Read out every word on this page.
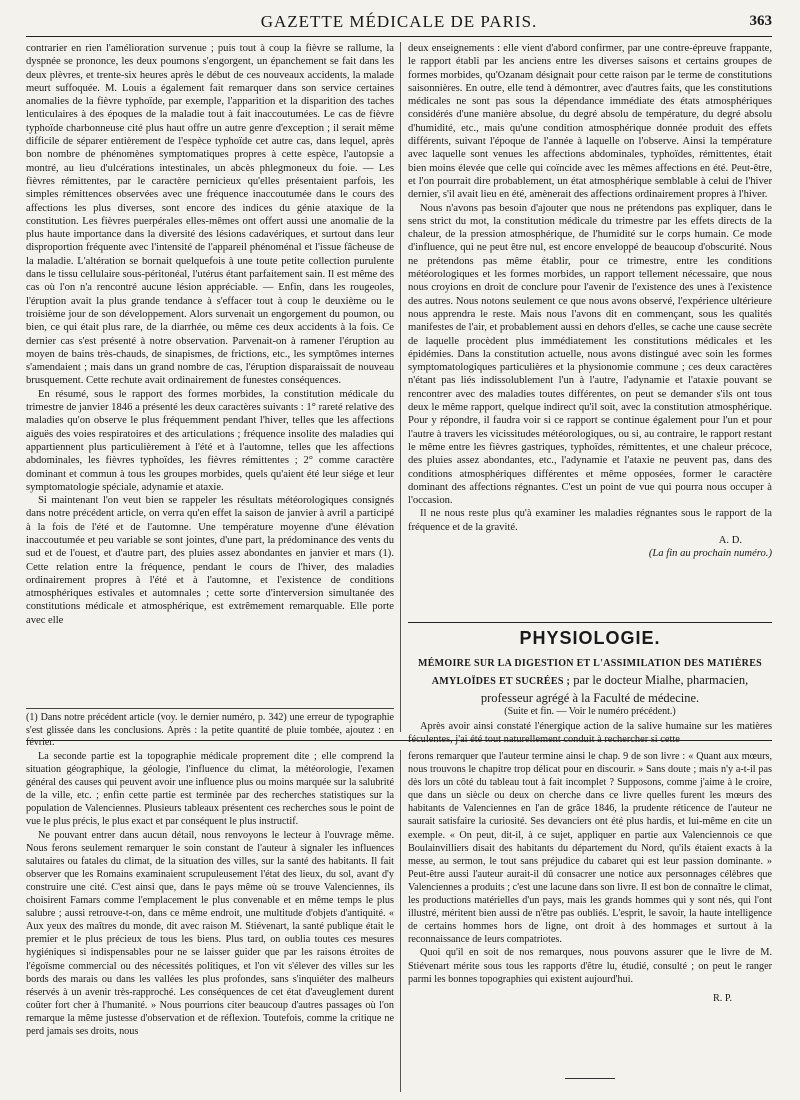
GAZETTE MÉDICALE DE PARIS.	363

contrarier en rien l'amélioration survenue ; puis tout à coup la fièvre se rallume, la dyspnée se prononce, les deux poumons s'engorgent, un épanchement se fait dans les deux plèvres, et trente-six heures après le début de ces nouveaux accidents, la malade meurt suffoquée. M. Louis a également fait remarquer dans son service certaines anomalies de la fièvre typhoïde, par exemple, l'apparition et la disparition des taches lenticulaires à des époques de la maladie tout à fait inaccoutumées. Le cas de fièvre typhoïde charbonneuse cité plus haut offre un autre genre d'exception ; il serait même difficile de séparer entièrement de l'espèce typhoïde cet autre cas, dans lequel, après bon nombre de phénomènes symptomatiques propres à cette espèce, l'autopsie a montré, au lieu d'ulcérations intestinales, un abcès phlegmoneux du foie. — Les fièvres rémittentes, par le caractère pernicieux qu'elles présentaient parfois, les simples rémittences observées avec une fréquence inaccoutumée dans le cours des affections les plus diverses, sont encore des indices du génie ataxique de la constitution. Les fièvres puerpérales elles-mêmes ont offert aussi une anomalie de la plus haute importance dans la diversité des lésions cadavériques, et surtout dans leur disproportion fréquente avec l'intensité de l'appareil phénoménal et l'issue fâcheuse de la maladie. L'altération se bornait quelquefois à une toute petite collection purulente dans le tissu cellulaire sous-péritonéal, l'utérus étant parfaitement sain. Il est même des cas où l'on n'a rencontré aucune lésion appréciable. — Enfin, dans les rougeoles, l'éruption avait la plus grande tendance à s'effacer tout à coup le deuxième ou le troisième jour de son développement. Alors survenait un engorgement du poumon, ou bien, ce qui était plus rare, de la diarrhée, ou même ces deux accidents à la fois. Ce dernier cas s'est présenté à notre observation. Parvenait-on à ramener l'éruption au moyen de bains très-chauds, de sinapismes, de frictions, etc., les symptômes internes s'amendaient ; mais dans un grand nombre de cas, l'éruption disparaissait de nouveau brusquement. Cette rechute avait ordinairement de funestes conséquences.

En résumé, sous le rapport des formes morbides, la constitution médicale du trimestre de janvier 1846 a présenté les deux caractères suivants : 1° rareté relative des maladies qu'on observe le plus fréquemment pendant l'hiver, telles que les affections aiguës des voies respiratoires et des articulations ; fréquence insolite des maladies qui appartiennent plus particulièrement à l'été et à l'automne, telles que les affections abdominales, les fièvres typhoïdes, les fièvres rémittentes ; 2° comme caractère dominant et commun à tous les groupes morbides, quels qu'aient été leur siége et leur symptomatologie spéciale, adynamie et ataxie.

Si maintenant l'on veut bien se rappeler les résultats météorologiques consignés dans notre précédent article, on verra qu'en effet la saison de janvier à avril a participé à la fois de l'été et de l'automne. Une température moyenne d'une élévation inaccoutumée et peu variable se sont jointes, d'une part, la prédominance des vents du sud et de l'ouest, et d'autre part, des pluies assez abondantes en janvier et mars (1). Cette relation entre la fréquence, pendant le cours de l'hiver, des maladies ordinairement propres à l'été et à l'automne, et l'existence de conditions atmosphériques estivales et automnales ; cette sorte d'interversion simultanée des constitutions médicale et atmosphérique, est extrêmement remarquable. Elle porte avec elle

(1) Dans notre précédent article (voy. le dernier numéro, p. 342) une erreur de typographie s'est glissée dans les conclusions. Après : la petite quantité de pluie tombée, ajoutez : en février.

deux enseignements : elle vient d'abord confirmer, par une contre-épreuve frappante, le rapport établi par les anciens entre les diverses saisons et certains groupes de formes morbides, qu'Ozanam désignait pour cette raison par le terme de constitutions saisonnières. En outre, elle tend à démontrer, avec d'autres faits, que les constitutions médicales ne sont pas sous la dépendance immédiate des états atmosphériques considérés d'une manière absolue, du degré absolu de température, du degré absolu d'humidité, etc., mais qu'une condition atmosphérique donnée produit des effets différents, suivant l'époque de l'année à laquelle on l'observe. Ainsi la température avec laquelle sont venues les affections abdominales, typhoïdes, rémittentes, était bien moins élevée que celle qui coïncide avec les mêmes affections en été. Peut-être, et l'on pourrait dire probablement, un état atmosphérique semblable à celui de l'hiver dernier, s'il avait lieu en été, amènerait des affections ordinairement propres à l'hiver.

Nous n'avons pas besoin d'ajouter que nous ne prétendons pas expliquer, dans le sens strict du mot, la constitution médicale du trimestre par les effets directs de la chaleur, de la pression atmosphérique, de l'humidité sur le corps humain. Ce mode d'influence, qui ne peut être nul, est encore enveloppé de beaucoup d'obscurité. Nous ne prétendons pas même établir, pour ce trimestre, entre les conditions météorologiques et les formes morbides, un rapport tellement nécessaire, que nous nous croyions en droit de conclure pour l'avenir de l'existence des unes à l'existence des autres. Nous notons seulement ce que nous avons observé, l'expérience ultérieure nous apprendra le reste. Mais nous l'avons dit en commençant, sous les qualités manifestes de l'air, et probablement aussi en dehors d'elles, se cache une cause secrète de laquelle procèdent plus immédiatement les constitutions médicales et les épidémies. Dans la constitution actuelle, nous avons distingué avec soin les formes symptomatologiques particulières et la physionomie commune ; ces deux caractères n'étant pas liés indissolublement l'un à l'autre, l'adynamie et l'ataxie pouvant se rencontrer avec des maladies toutes différentes, on peut se demander s'ils ont tous deux le même rapport, quelque indirect qu'il soit, avec la constitution atmosphérique. Pour y répondre, il faudra voir si ce rapport se continue également pour l'un et pour l'autre à travers les vicissitudes météorologiques, ou si, au contraire, le rapport restant le même entre les fièvres gastriques, typhoïdes, rémittentes, et une chaleur précoce, des pluies assez abondantes, etc., l'adynamie et l'ataxie ne peuvent pas, dans des conditions atmosphériques différentes et même opposées, former le caractère dominant des affections régnantes. C'est un point de vue qui pourra nous occuper à l'occasion.

Il ne nous reste plus qu'à examiner les maladies régnantes sous le rapport de la fréquence et de la gravité.

A. D.
(La fin au prochain numéro.)
PHYSIOLOGIE.
MÉMOIRE SUR LA DIGESTION ET L'ASSIMILATION DES MATIÈRES AMYLOÏDES ET SUCRÉES ; par le docteur Mialhe, pharmacien, professeur agrégé à la Faculté de médecine.
(Suite et fin. — Voir le numéro précédent.)

Après avoir ainsi constaté l'énergique action de la salive humaine sur les matières féculentes, j'ai été tout naturellement conduit à rechercher si cette

La seconde partie est la topographie médicale proprement dite ; elle comprend la situation géographique, la géologie, l'influence du climat, la météorologie, l'examen général des causes qui peuvent avoir une influence plus ou moins marquée sur la salubrité de la ville, etc. ; enfin cette partie est terminée par des recherches statistiques sur la population de Valenciennes. Plusieurs tableaux présentent ces recherches sous le point de vue le plus précis, le plus exact et par conséquent le plus instructif.

Ne pouvant entrer dans aucun détail, nous renvoyons le lecteur à l'ouvrage même. Nous ferons seulement remarquer le soin constant de l'auteur à signaler les influences salutaires ou fatales du climat, de la situation des villes, sur la santé des habitants. Il fait observer que les Romains examinaient scrupuleusement l'état des lieux, du sol, avant d'y construire une cité. C'est ainsi que, dans le pays même où se trouve Valenciennes, ils choisirent Famars comme l'emplacement le plus convenable et en même temps le plus salubre ; aussi retrouve-t-on, dans ce même endroit, une multitude d'objets d'antiquité. « Aux yeux des maîtres du monde, dit avec raison M. Stiévenart, la santé publique était le premier et le plus précieux de tous les biens. Plus tard, on oublia toutes ces mesures hygiéniques si indispensables pour ne se laisser guider que par les raisons étroites de l'égoïsme commercial ou des nécessités politiques, et l'on vit s'élever des villes sur les bords des marais ou dans les vallées les plus profondes, sans s'inquiéter des malheurs réservés à un avenir très-rapproché. Les conséquences de cet état d'aveuglement durent coûter fort cher à l'humanité. » Nous pourrions citer beaucoup d'autres passages où l'on remarque la même justesse d'observation et de réflexion. Toutefois, comme la critique ne perd jamais ses droits, nous

ferons remarquer que l'auteur termine ainsi le chap. 9 de son livre : « Quant aux mœurs, nous trouvons le chapitre trop délicat pour en discourir. » Sans doute ; mais n'y a-t-il pas dès lors un côté du tableau tout à fait incomplet ? Supposons, comme j'aime à le croire, que dans un siècle ou deux on cherche dans ce livre quelles furent les mœurs des habitants de Valenciennes en l'an de grâce 1846, la prudente réticence de l'auteur ne saurait satisfaire la curiosité. Ses devanciers ont été plus hardis, et lui-même en cite un exemple. « On peut, dit-il, à ce sujet, appliquer en partie aux Valenciennois ce que Boulainvilliers disait des habitants du département du Nord, qu'ils étaient exacts à la messe, au sermon, le tout sans préjudice du cabaret qui est leur passion dominante. » Peut-être aussi l'auteur aurait-il dû consacrer une notice aux personnages célèbres que Valenciennes a produits ; c'est une lacune dans son livre. Il est bon de connaître le climat, les productions matérielles d'un pays, mais les grands hommes qui y sont nés, qui l'ont illustré, méritent bien aussi de n'être pas oubliés. L'esprit, le savoir, la haute intelligence de certains hommes hors de ligne, ont droit à des hommages et surtout à la reconnaissance de leurs compatriotes.

Quoi qu'il en soit de nos remarques, nous pouvons assurer que le livre de M. Stiévenart mérite sous tous les rapports d'être lu, étudié, consulté ; on peut le ranger parmi les bonnes topographies qui existent aujourd'hui.

R. P.
